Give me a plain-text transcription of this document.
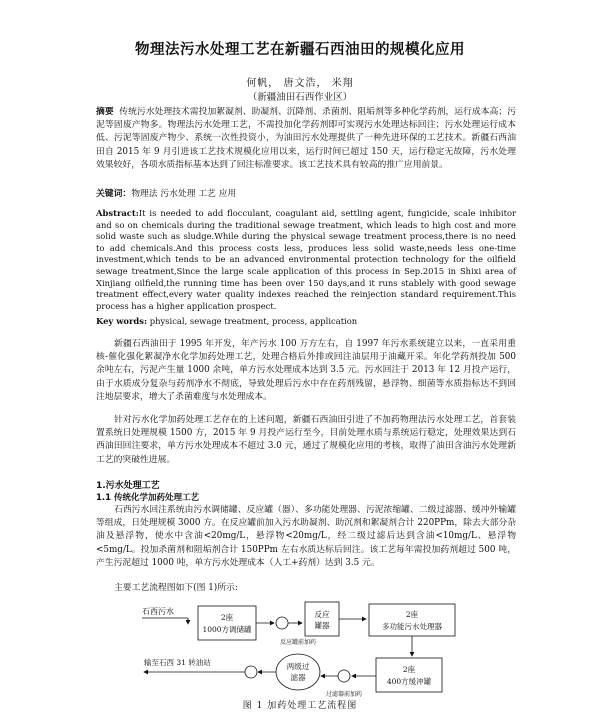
物理法污水处理工艺在新疆石西油田的规模化应用
何帆， 唐文浩， 米翔
（新疆油田石西作业区）
摘要 传统污水处理技术需投加絮凝剂、助凝剂、沉降剂、杀菌剂、阻垢剂等多种化学药剂，运行成本高；污泥等固废产物多。物理法污水处理工艺，不需投加化学药剂即可实现污水处理达标回注；污水处理运行成本低、污泥等固废产物少、系统一次性投资小，为油田污水处理提供了一种先进环保的工艺技术。新疆石西油田自 2015 年 9 月引进该工艺技术规模化应用以来，运行时间已超过 150 天，运行稳定无故障，污水处理效果较好，各项水质指标基本达到了回注标准要求。该工艺技术具有较高的推广应用前景。
关键词：物理法 污水处理 工艺 应用
Abstract:It is needed to add flocculant, coagulant aid, settling agent, fungicide, scale inhibitor and so on chemicals during the traditional sewage treatment, which leads to high cost and more solid waste such as sludge.While during the physical sewage treatment process,there is no need to add chemicals.And this process costs less, produces less solid waste,needs less one-time investment,which tends to be an advanced environmental protection technology for the oilfield sewage treatment,Since the large scale application of this process in Sep.2015 in Shixi area of Xinjiang oilfield,the running time has been over 150 days,and it runs stablely with good sewage treatment effect,every water quality indexes reached the reinjection standard requirement.This process has a higher application prospect.
Key words: physical, sewage treatment, process, application
新疆石西油田于 1995 年开发，年产污水 100 万方左右，自 1997 年污水系统建立以来，一直采用重核-催化强化絮凝净水化学加药处理工艺，处理合格后外排或回注油层用于油藏开采。年化学药剂投加 500 余吨左右，污泥产生量 1000 余吨，单方污水处理成本达到 3.5 元。污水回注于 2013 年 12 月投产运行，由于水质成分复杂与药剂净水不彻底，导致处理后污水中存在药剂残留，悬浮物、细菌等水质指标达不到回注地层要求，增大了杀菌难度与水处理成本。
针对污水化学加药处理工艺存在的上述问题，新疆石西油田引进了不加药物理法污水处理工艺，首套装置系统日处理规模 1500 方，2015 年 9 月投产运行至今，目前处理水质与系统运行稳定，处理效果达到石西油田回注要求，单方污水处理成本不超过 3.0 元，通过了规模化应用的考核，取得了油田含油污水处理新工艺的突破性进展。
1.污水处理工艺
1.1 传统化学加药处理工艺
石西污水回注系统由污水调储罐、反应罐（器）、多功能处理器、污泥浓缩罐、二级过滤器、缓冲外输罐等组成，日处理规模 3000 方。在反应罐前加入污水助凝剂、助沉剂和絮凝剂合计 220PPm，除去大部分杂油及悬浮物，使水中含油<20mg/L，悬浮物<20mg/L，经二级过滤后达到含油<10mg/L、悬浮物<5mg/L。投加杀菌剂和阻垢剂合计 150PPm 左右水质达标后回注。该工艺每年需投加药剂超过 500 吨，产生污泥超过 1000 吨，单方污水处理成本（人工+药剂）达到 3.5 元。
主要工艺流程图如下(图 1)所示:
石西污水
2座
1000方调储罐
反应
罐器
反应罐前加药
2座
多功能污水处理器
2座
400方缓冲罐
两级过
滤器
过滤器前加药
输至石西 31 转油站
图 1 加药处理工艺流程图
